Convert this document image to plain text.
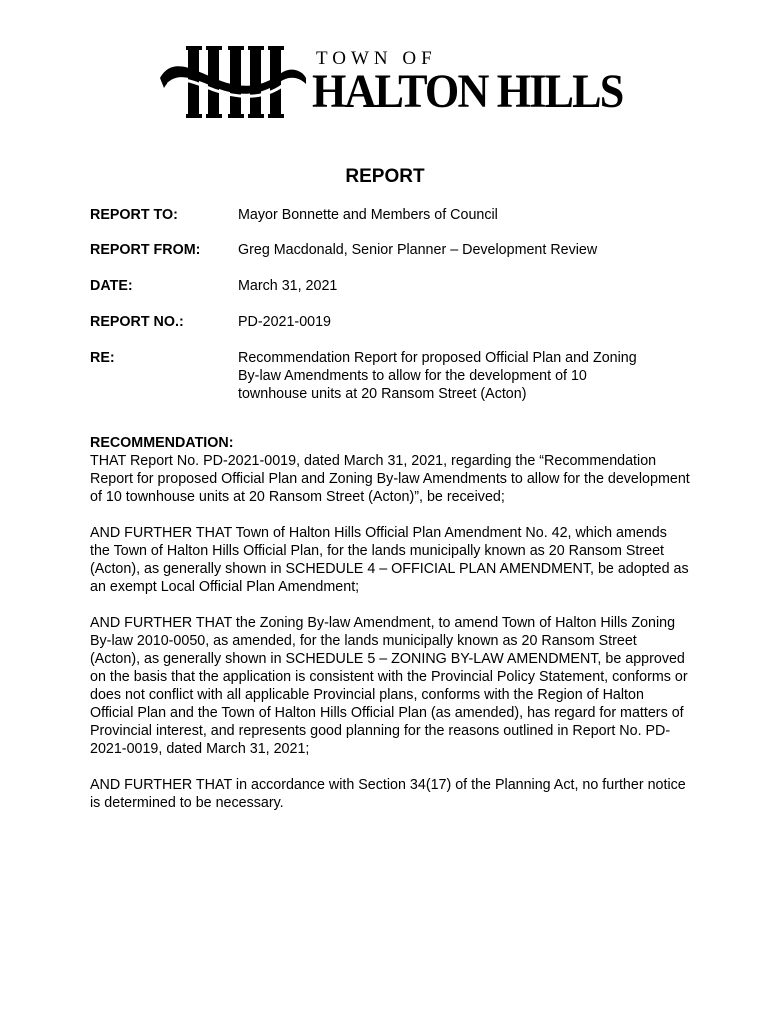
TOWN OF
HALTON HILLS
REPORT
REPORT TO:	Mayor Bonnette and Members of Council
REPORT FROM:	Greg Macdonald, Senior Planner – Development Review
DATE:	March 31, 2021
REPORT NO.:	PD-2021-0019
RE:	Recommendation Report for proposed Official Plan and Zoning By-law Amendments to allow for the development of 10 townhouse units at 20 Ransom Street (Acton)
RECOMMENDATION:

THAT Report No. PD-2021-0019, dated March 31, 2021, regarding the “Recommendation Report for proposed Official Plan and Zoning By-law Amendments to allow for the development of 10 townhouse units at 20 Ransom Street (Acton)”, be received;

AND FURTHER THAT Town of Halton Hills Official Plan Amendment No. 42, which amends the Town of Halton Hills Official Plan, for the lands municipally known as 20 Ransom Street (Acton), as generally shown in SCHEDULE 4 – OFFICIAL PLAN AMENDMENT, be adopted as an exempt Local Official Plan Amendment;

AND FURTHER THAT the Zoning By-law Amendment, to amend Town of Halton Hills Zoning By-law 2010-0050, as amended, for the lands municipally known as 20 Ransom Street (Acton), as generally shown in SCHEDULE 5 – ZONING BY-LAW AMENDMENT, be approved on the basis that the application is consistent with the Provincial Policy Statement, conforms or does not conflict with all applicable Provincial plans, conforms with the Region of Halton Official Plan and the Town of Halton Hills Official Plan (as amended), has regard for matters of Provincial interest, and represents good planning for the reasons outlined in Report No. PD-2021-0019, dated March 31, 2021;

AND FURTHER THAT in accordance with Section 34(17) of the Planning Act, no further notice is determined to be necessary.
